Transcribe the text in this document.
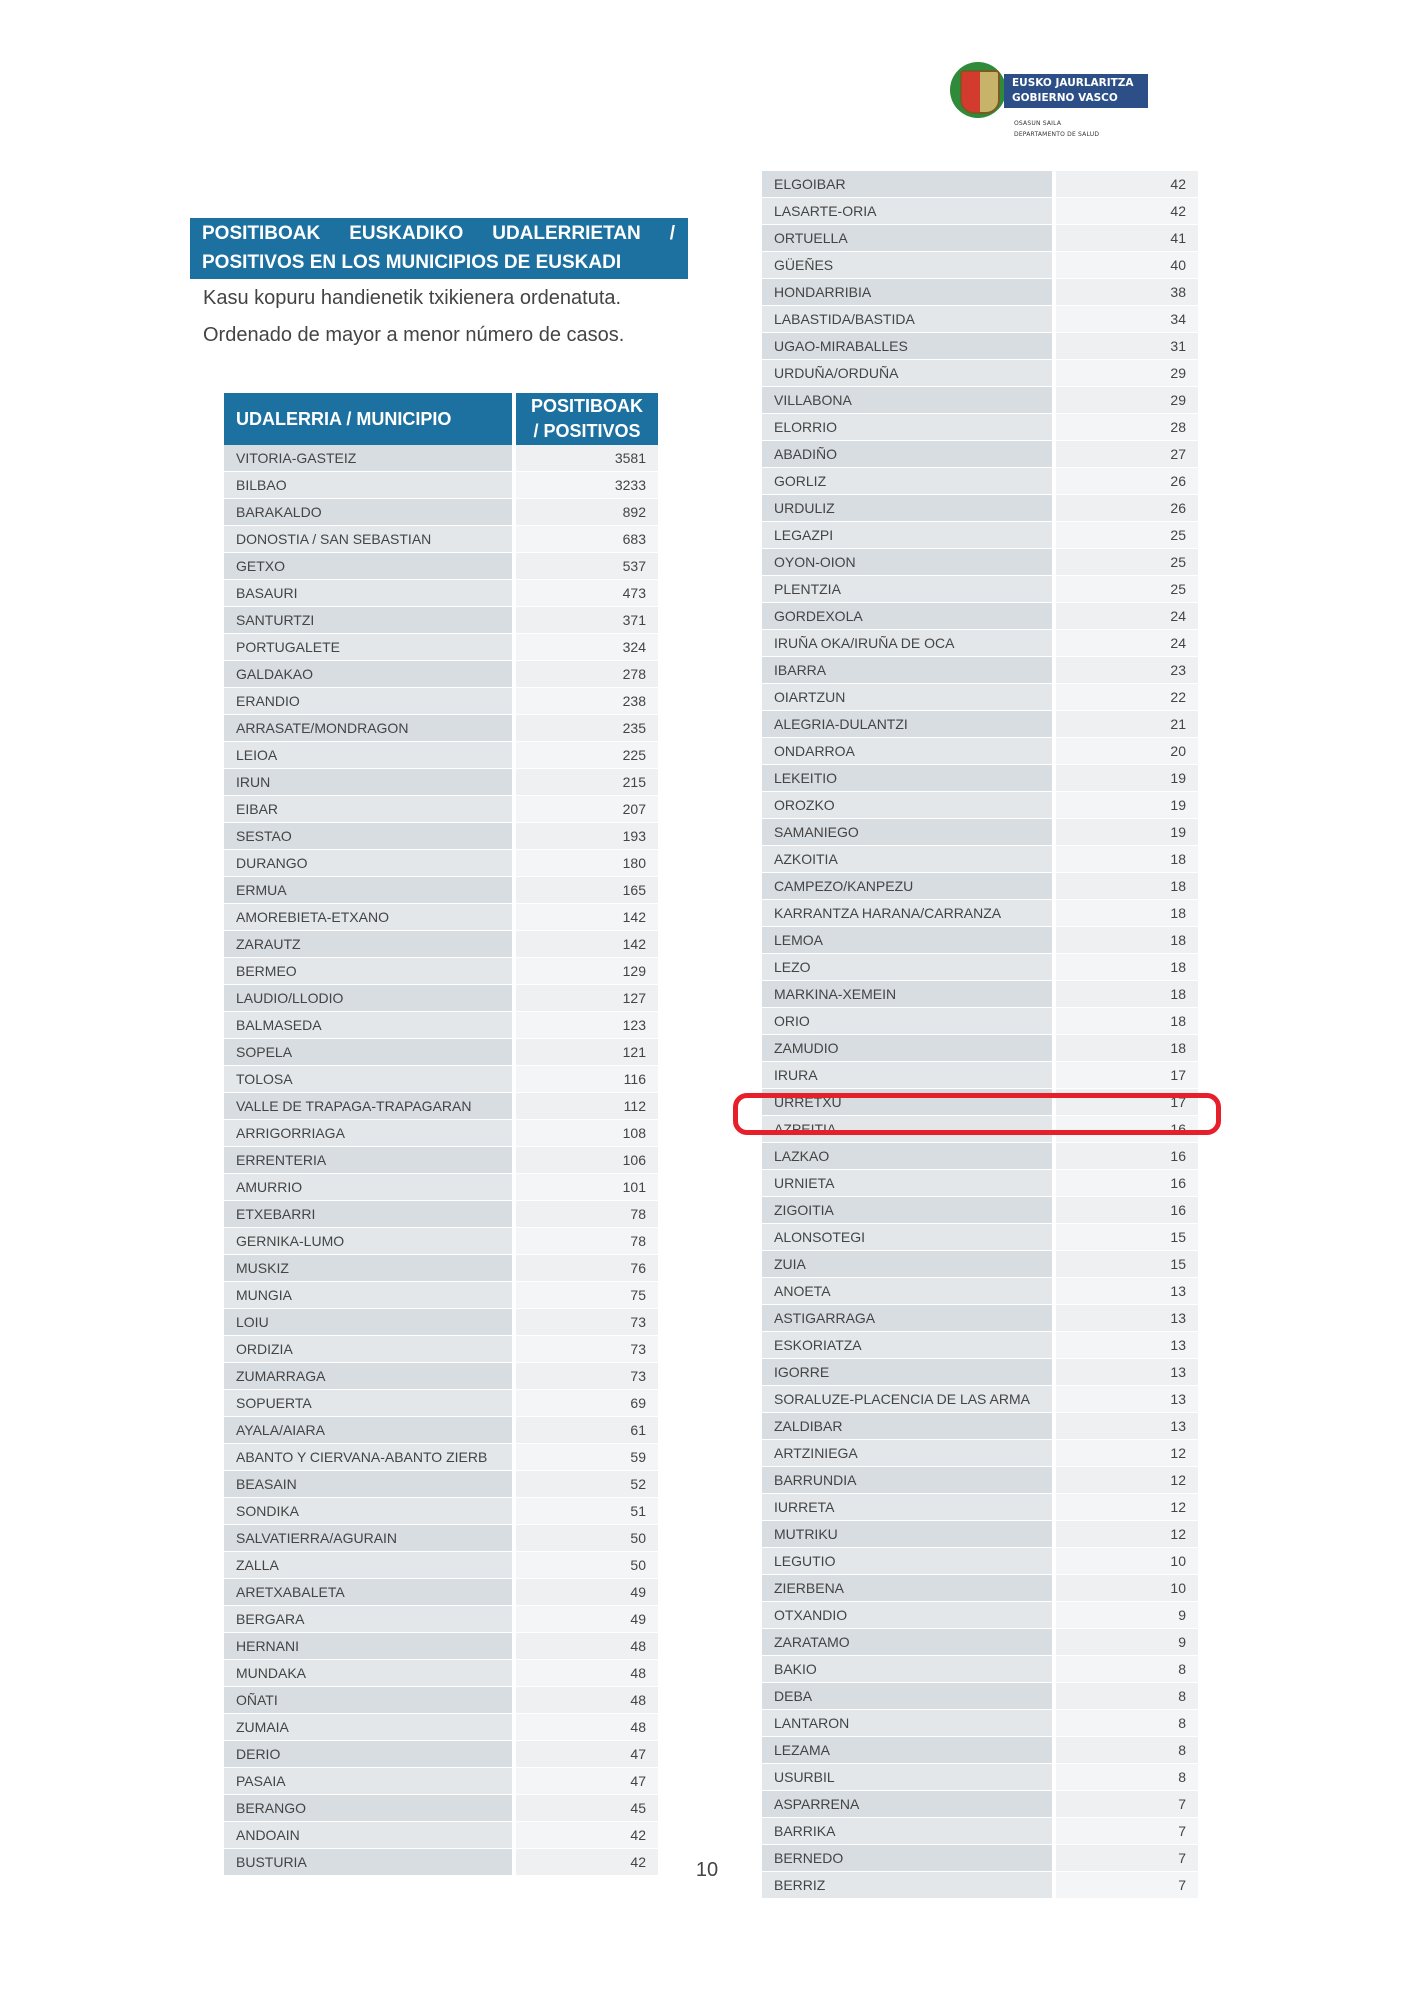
EUSKO JAURLARITZA
GOBIERNO VASCO
OSASUN SAILA
DEPARTAMENTO DE SALUD
POSITIBOAK EUSKADIKO UDALERRIETAN /
POSITIVOS EN LOS MUNICIPIOS DE EUSKADI
Kasu kopuru handienetik txikienera ordenatuta.
Ordenado de mayor a menor número de casos.
UDALERRIA / MUNICIPIO	POSITIBOAK
/ POSITIVOS
VITORIA-GASTEIZ	3581
BILBAO	3233
BARAKALDO	892
DONOSTIA / SAN SEBASTIAN	683
GETXO	537
BASAURI	473
SANTURTZI	371
PORTUGALETE	324
GALDAKAO	278
ERANDIO	238
ARRASATE/MONDRAGON	235
LEIOA	225
IRUN	215
EIBAR	207
SESTAO	193
DURANGO	180
ERMUA	165
AMOREBIETA-ETXANO	142
ZARAUTZ	142
BERMEO	129
LAUDIO/LLODIO	127
BALMASEDA	123
SOPELA	121
TOLOSA	116
VALLE DE TRAPAGA-TRAPAGARAN	112
ARRIGORRIAGA	108
ERRENTERIA	106
AMURRIO	101
ETXEBARRI	78
GERNIKA-LUMO	78
MUSKIZ	76
MUNGIA	75
LOIU	73
ORDIZIA	73
ZUMARRAGA	73
SOPUERTA	69
AYALA/AIARA	61
ABANTO Y CIERVANA-ABANTO ZIERB	59
BEASAIN	52
SONDIKA	51
SALVATIERRA/AGURAIN	50
ZALLA	50
ARETXABALETA	49
BERGARA	49
HERNANI	48
MUNDAKA	48
OÑATI	48
ZUMAIA	48
DERIO	47
PASAIA	47
BERANGO	45
ANDOAIN	42
BUSTURIA	42
ELGOIBAR	42
LASARTE-ORIA	42
ORTUELLA	41
GÜEÑES	40
HONDARRIBIA	38
LABASTIDA/BASTIDA	34
UGAO-MIRABALLES	31
URDUÑA/ORDUÑA	29
VILLABONA	29
ELORRIO	28
ABADIÑO	27
GORLIZ	26
URDULIZ	26
LEGAZPI	25
OYON-OION	25
PLENTZIA	25
GORDEXOLA	24
IRUÑA OKA/IRUÑA DE OCA	24
IBARRA	23
OIARTZUN	22
ALEGRIA-DULANTZI	21
ONDARROA	20
LEKEITIO	19
OROZKO	19
SAMANIEGO	19
AZKOITIA	18
CAMPEZO/KANPEZU	18
KARRANTZA HARANA/CARRANZA	18
LEMOA	18
LEZO	18
MARKINA-XEMEIN	18
ORIO	18
ZAMUDIO	18
IRURA	17
URRETXU	17
AZPEITIA	16
LAZKAO	16
URNIETA	16
ZIGOITIA	16
ALONSOTEGI	15
ZUIA	15
ANOETA	13
ASTIGARRAGA	13
ESKORIATZA	13
IGORRE	13
SORALUZE-PLACENCIA DE LAS ARMA	13
ZALDIBAR	13
ARTZINIEGA	12
BARRUNDIA	12
IURRETA	12
MUTRIKU	12
LEGUTIO	10
ZIERBENA	10
OTXANDIO	9
ZARATAMO	9
BAKIO	8
DEBA	8
LANTARON	8
LEZAMA	8
USURBIL	8
ASPARRENA	7
BARRIKA	7
BERNEDO	7
BERRIZ	7
10
